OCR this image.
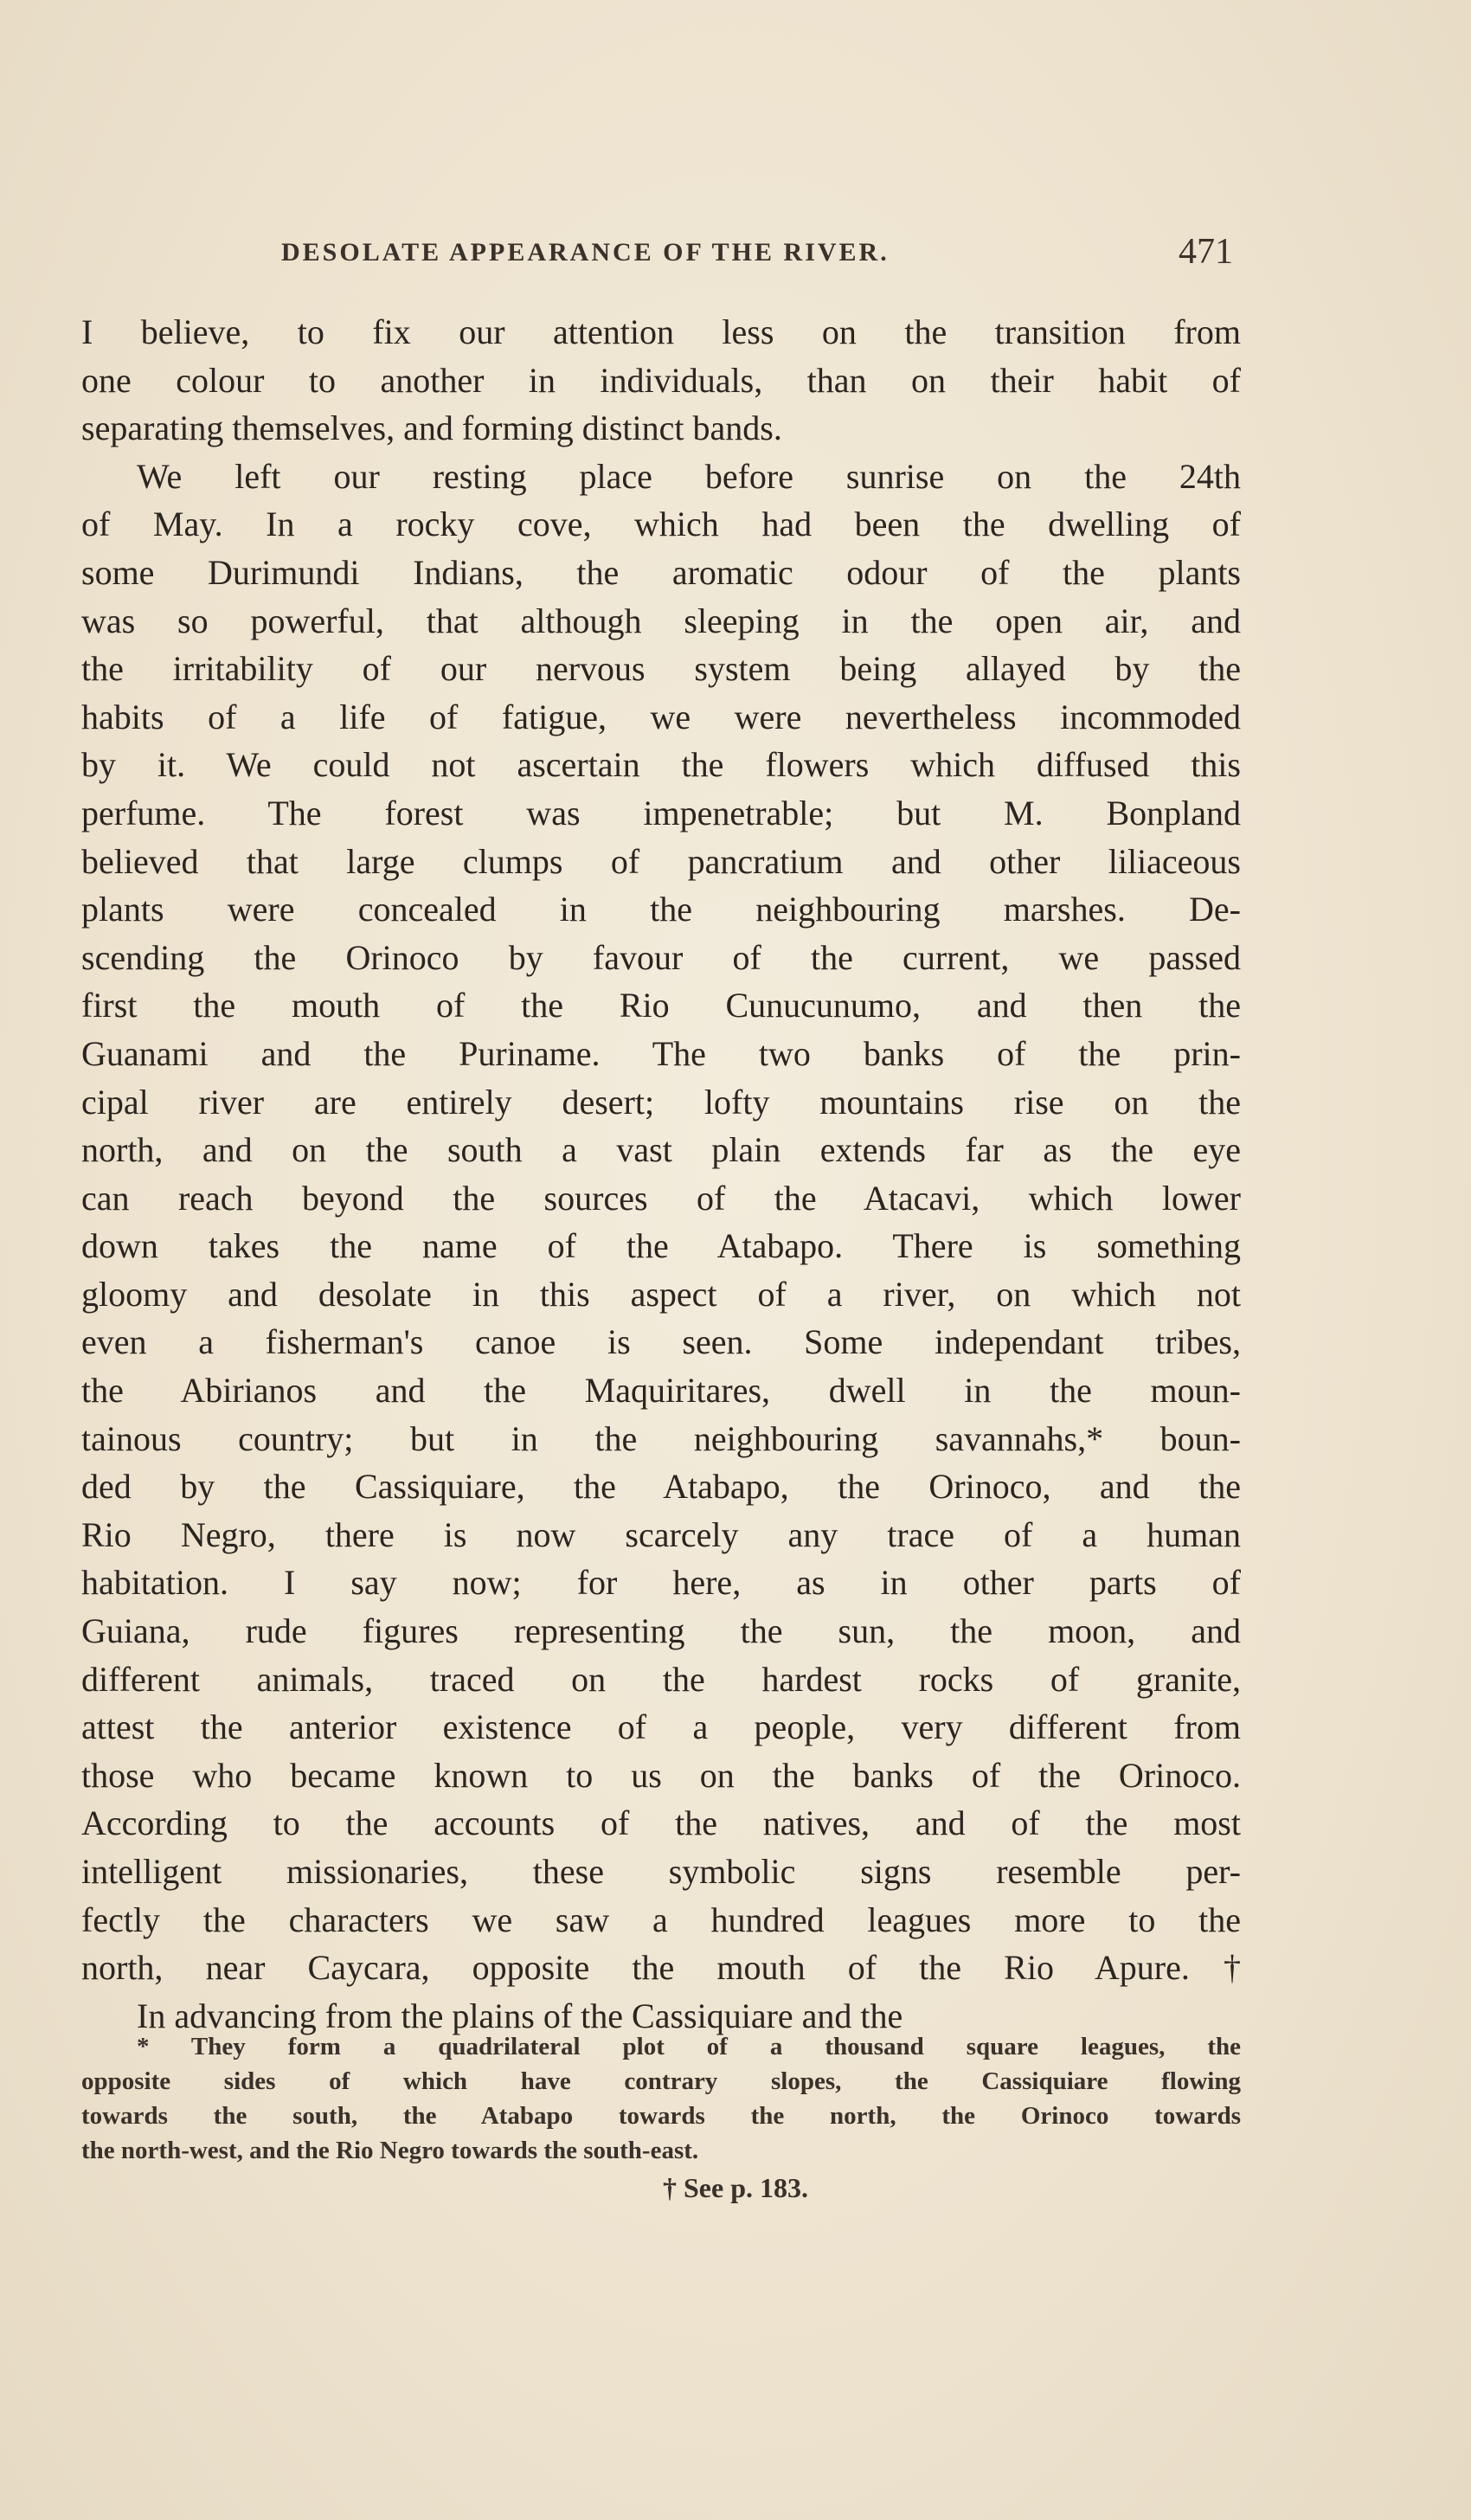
DESOLATE APPEARANCE OF THE RIVER.	471
I believe, to fix our attention less on the transition from
one colour to another in individuals, than on their habit of
separating themselves, and forming distinct bands.
We left our resting place before sunrise on the 24th
of May. In a rocky cove, which had been the dwelling of
some Durimundi Indians, the aromatic odour of the plants
was so powerful, that although sleeping in the open air, and
the irritability of our nervous system being allayed by the
habits of a life of fatigue, we were nevertheless incommoded
by it. We could not ascertain the flowers which diffused this
perfume. The forest was impenetrable; but M. Bonpland
believed that large clumps of pancratium and other liliaceous
plants were concealed in the neighbouring marshes. De-
scending the Orinoco by favour of the current, we passed
first the mouth of the Rio Cunucunumo, and then the
Guanami and the Puriname. The two banks of the prin-
cipal river are entirely desert; lofty mountains rise on the
north, and on the south a vast plain extends far as the eye
can reach beyond the sources of the Atacavi, which lower
down takes the name of the Atabapo. There is something
gloomy and desolate in this aspect of a river, on which not
even a fisherman's canoe is seen. Some independant tribes,
the Abirianos and the Maquiritares, dwell in the moun-
tainous country; but in the neighbouring savannahs,* boun-
ded by the Cassiquiare, the Atabapo, the Orinoco, and the
Rio Negro, there is now scarcely any trace of a human
habitation. I say now; for here, as in other parts of
Guiana, rude figures representing the sun, the moon, and
different animals, traced on the hardest rocks of granite,
attest the anterior existence of a people, very different from
those who became known to us on the banks of the Orinoco.
According to the accounts of the natives, and of the most
intelligent missionaries, these symbolic signs resemble per-
fectly the characters we saw a hundred leagues more to the
north, near Caycara, opposite the mouth of the Rio Apure.†
In advancing from the plains of the Cassiquiare and the
* They form a quadrilateral plot of a thousand square leagues, the
opposite sides of which have contrary slopes, the Cassiquiare flowing
towards the south, the Atabapo towards the north, the Orinoco towards
the north-west, and the Rio Negro towards the south-east.
† See p. 183.
